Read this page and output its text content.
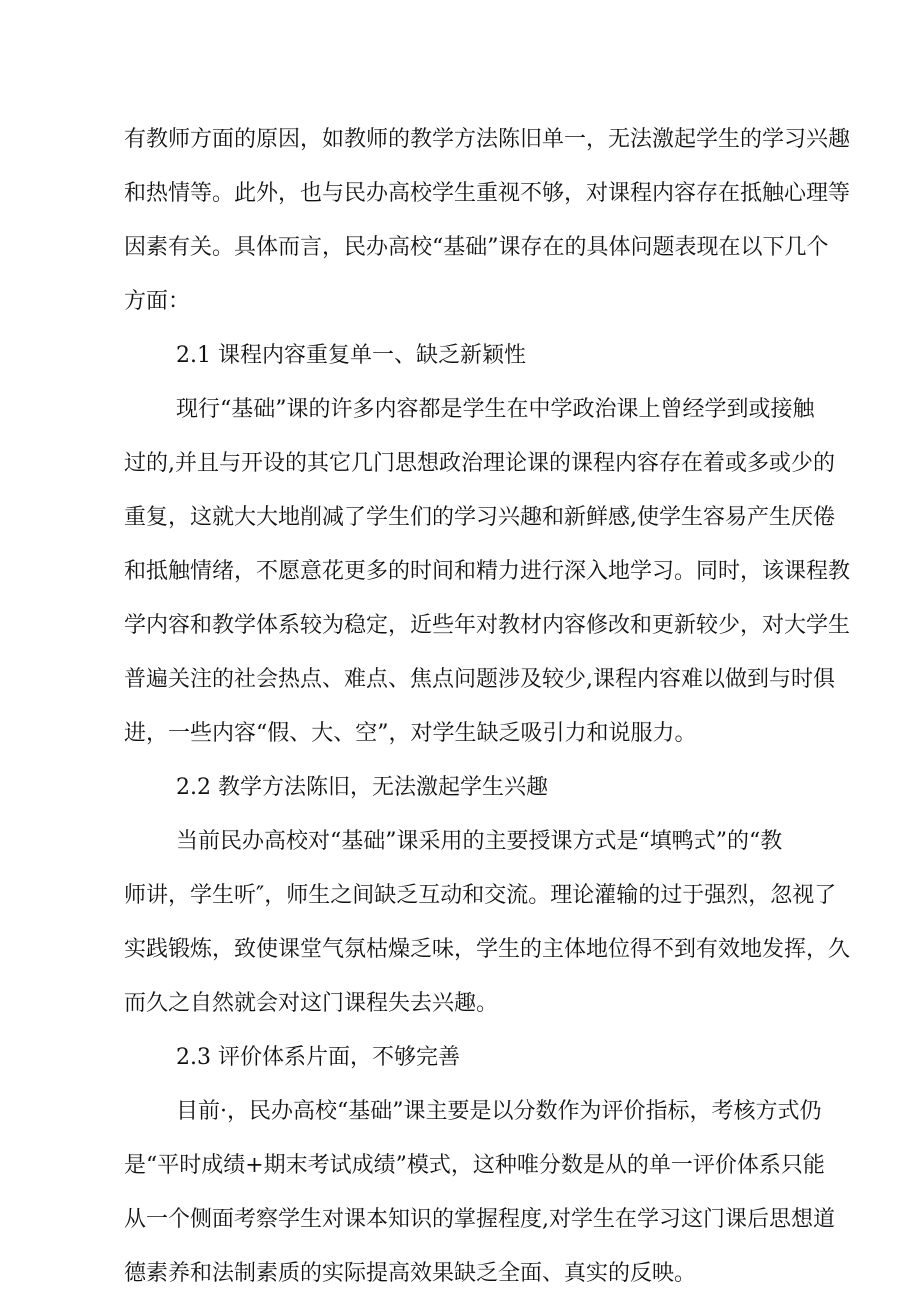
有教师方面的原因，如教师的教学方法陈旧单一，无法激起学生的学习兴趣
和热情等。此外，也与民办高校学生重视不够，对课程内容存在抵触心理等
因素有关。具体而言，民办高校“基础”课存在的具体问题表现在以下几个
方面：
2.1 课程内容重复单一、缺乏新颖性
现行“基础”课的许多内容都是学生在中学政治课上曾经学到或接触
过的,并且与开设的其它几门思想政治理论课的课程内容存在着或多或少的
重复，这就大大地削减了学生们的学习兴趣和新鲜感,使学生容易产生厌倦
和抵触情绪，不愿意花更多的时间和精力进行深入地学习。同时，该课程教
学内容和教学体系较为稳定，近些年对教材内容修改和更新较少，对大学生
普遍关注的社会热点、难点、焦点问题涉及较少,课程内容难以做到与时俱
进，一些内容“假、大、空”，对学生缺乏吸引力和说服力。
2.2 教学方法陈旧，无法激起学生兴趣
当前民办高校对“基础”课采用的主要授课方式是“填鸭式”的“教
师讲，学生听″，师生之间缺乏互动和交流。理论灌输的过于强烈，忽视了
实践锻炼，致使课堂气氛枯燥乏味，学生的主体地位得不到有效地发挥，久
而久之自然就会对这门课程失去兴趣。
2.3 评价体系片面，不够完善
目前·，民办高校“基础”课主要是以分数作为评价指标，考核方式仍
是“平时成绩+期末考试成绩”模式，这种唯分数是从的单一评价体系只能
从一个侧面考察学生对课本知识的掌握程度,对学生在学习这门课后思想道
德素养和法制素质的实际提高效果缺乏全面、真实的反映。
